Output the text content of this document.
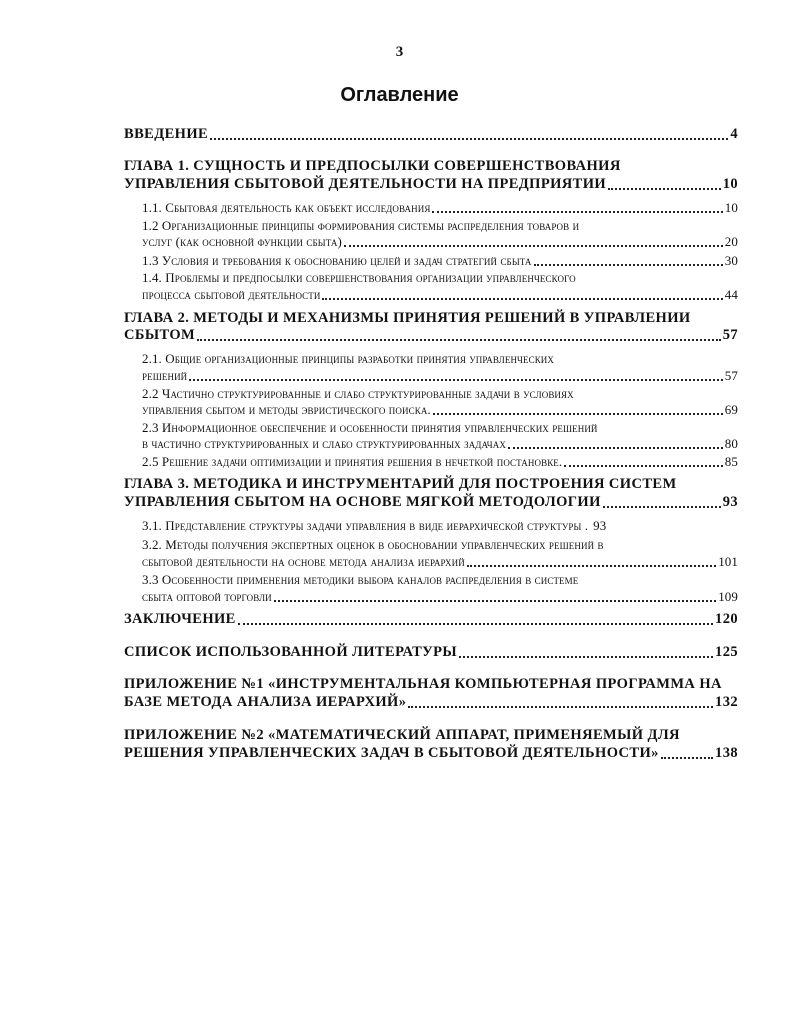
3
Оглавление
ВВЕДЕНИЕ	4
ГЛАВА 1. СУЩНОСТЬ И ПРЕДПОСЫЛКИ СОВЕРШЕНСТВОВАНИЯ
УПРАВЛЕНИЯ СБЫТОВОЙ ДЕЯТЕЛЬНОСТИ НА ПРЕДПРИЯТИИ	10
1.1. Сбытовая деятельность как объект исследования	10
1.2 Организационные принципы формирования системы распределения товаров и
услуг (как основной функции сбыта)	20
1.3 Условия и требования к обоснованию целей и задач стратегий сбыта	30
1.4. Проблемы и предпосылки совершенствования организации управленческого
процесса сбытовой деятельности	44
ГЛАВА 2. МЕТОДЫ И МЕХАНИЗМЫ ПРИНЯТИЯ РЕШЕНИЙ В УПРАВЛЕНИИ
СБЫТОМ	57
2.1. Общие организационные принципы разработки принятия управленческих
решений	57
2.2 Частично структурированные и слабо структурированные задачи в условиях
управления сбытом и методы эвристического поиска.	69
2.3 Информационное обеспечение и особенности принятия управленческих решений
в частично структурированных и слабо структурированных задачах	80
2.5 Решение задачи оптимизации и принятия решения в нечеткой постановке.	85
ГЛАВА 3. МЕТОДИКА И ИНСТРУМЕНТАРИЙ ДЛЯ ПОСТРОЕНИЯ СИСТЕМ
УПРАВЛЕНИЯ СБЫТОМ НА ОСНОВЕ МЯГКОЙ МЕТОДОЛОГИИ	93
3.1. Представление структуры задачи управления в виде иерархической структуры . 93
3.2. Методы получения экспертных оценок в обосновании управленческих решений в
сбытовой деятельности на основе метода анализа иерархий	101
3.3 Особенности применения методики выбора каналов распределения в системе
сбыта оптовой торговли	109
ЗАКЛЮЧЕНИЕ	120
СПИСОК ИСПОЛЬЗОВАННОЙ ЛИТЕРАТУРЫ	125
ПРИЛОЖЕНИЕ №1 «ИНСТРУМЕНТАЛЬНАЯ КОМПЬЮТЕРНАЯ ПРОГРАММА НА
БАЗЕ МЕТОДА АНАЛИЗА ИЕРАРХИЙ»	132
ПРИЛОЖЕНИЕ №2 «МАТЕМАТИЧЕСКИЙ АППАРАТ, ПРИМЕНЯЕМЫЙ ДЛЯ
РЕШЕНИЯ УПРАВЛЕНЧЕСКИХ ЗАДАЧ В СБЫТОВОЙ ДЕЯТЕЛЬНОСТИ»	138
